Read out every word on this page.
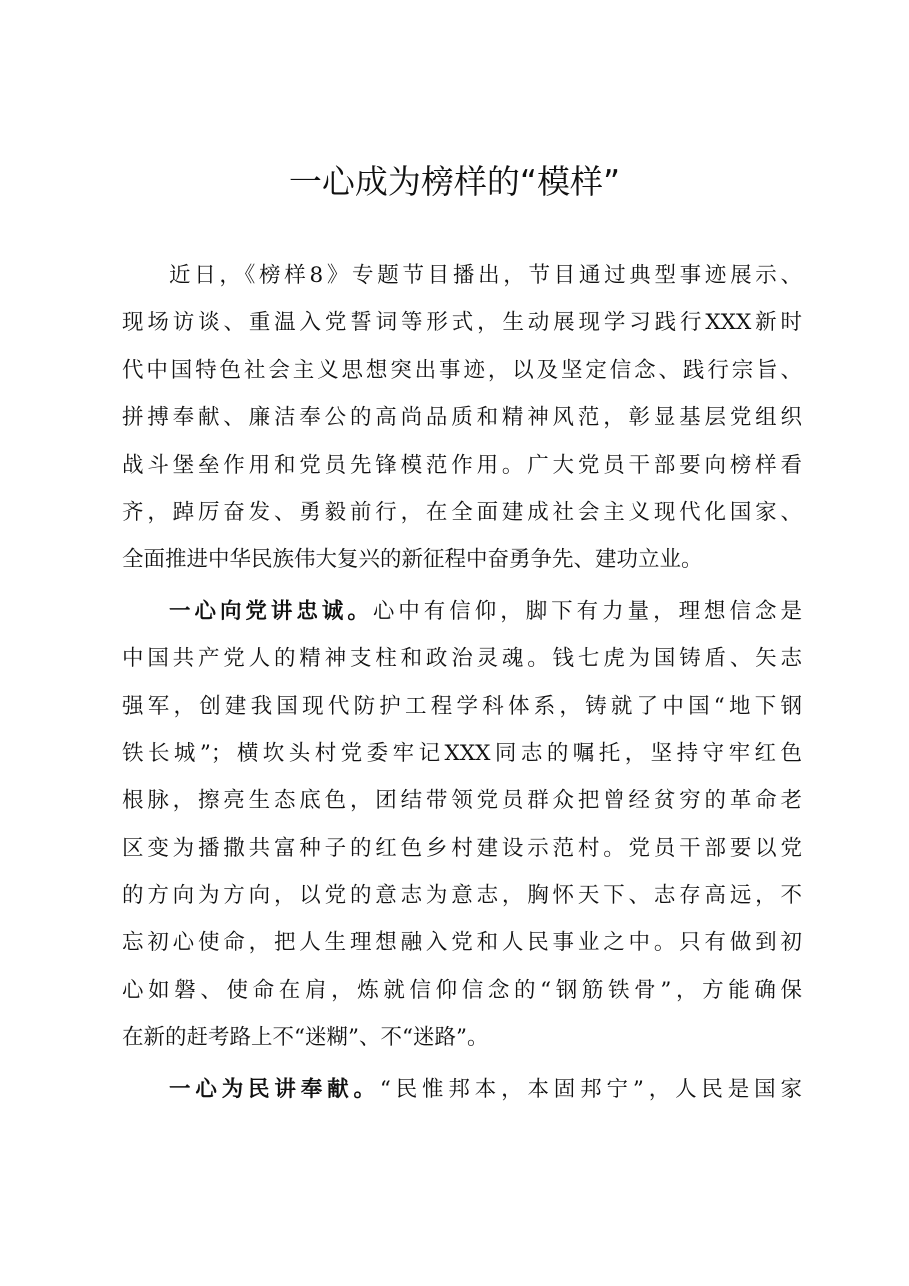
一心成为榜样的“模样”
近日，《榜样8》专题节目播出，节目通过典型事迹展示、
现场访谈、重温入党誓词等形式，生动展现学习践行XXX新时
代中国特色社会主义思想突出事迹，以及坚定信念、践行宗旨、
拼搏奉献、廉洁奉公的高尚品质和精神风范，彰显基层党组织
战斗堡垒作用和党员先锋模范作用。广大党员干部要向榜样看
齐，踔厉奋发、勇毅前行，在全面建成社会主义现代化国家、
全面推进中华民族伟大复兴的新征程中奋勇争先、建功立业。
一心向党讲忠诚。心中有信仰，脚下有力量，理想信念是
中国共产党人的精神支柱和政治灵魂。钱七虎为国铸盾、矢志
强军，创建我国现代防护工程学科体系，铸就了中国“地下钢
铁长城”；横坎头村党委牢记XXX同志的嘱托，坚持守牢红色
根脉，擦亮生态底色，团结带领党员群众把曾经贫穷的革命老
区变为播撒共富种子的红色乡村建设示范村。党员干部要以党
的方向为方向，以党的意志为意志，胸怀天下、志存高远，不
忘初心使命，把人生理想融入党和人民事业之中。只有做到初
心如磐、使命在肩，炼就信仰信念的“钢筋铁骨”，方能确保
在新的赶考路上不“迷糊”、不“迷路”。
一心为民讲奉献。“民惟邦本，本固邦宁”，人民是国家
